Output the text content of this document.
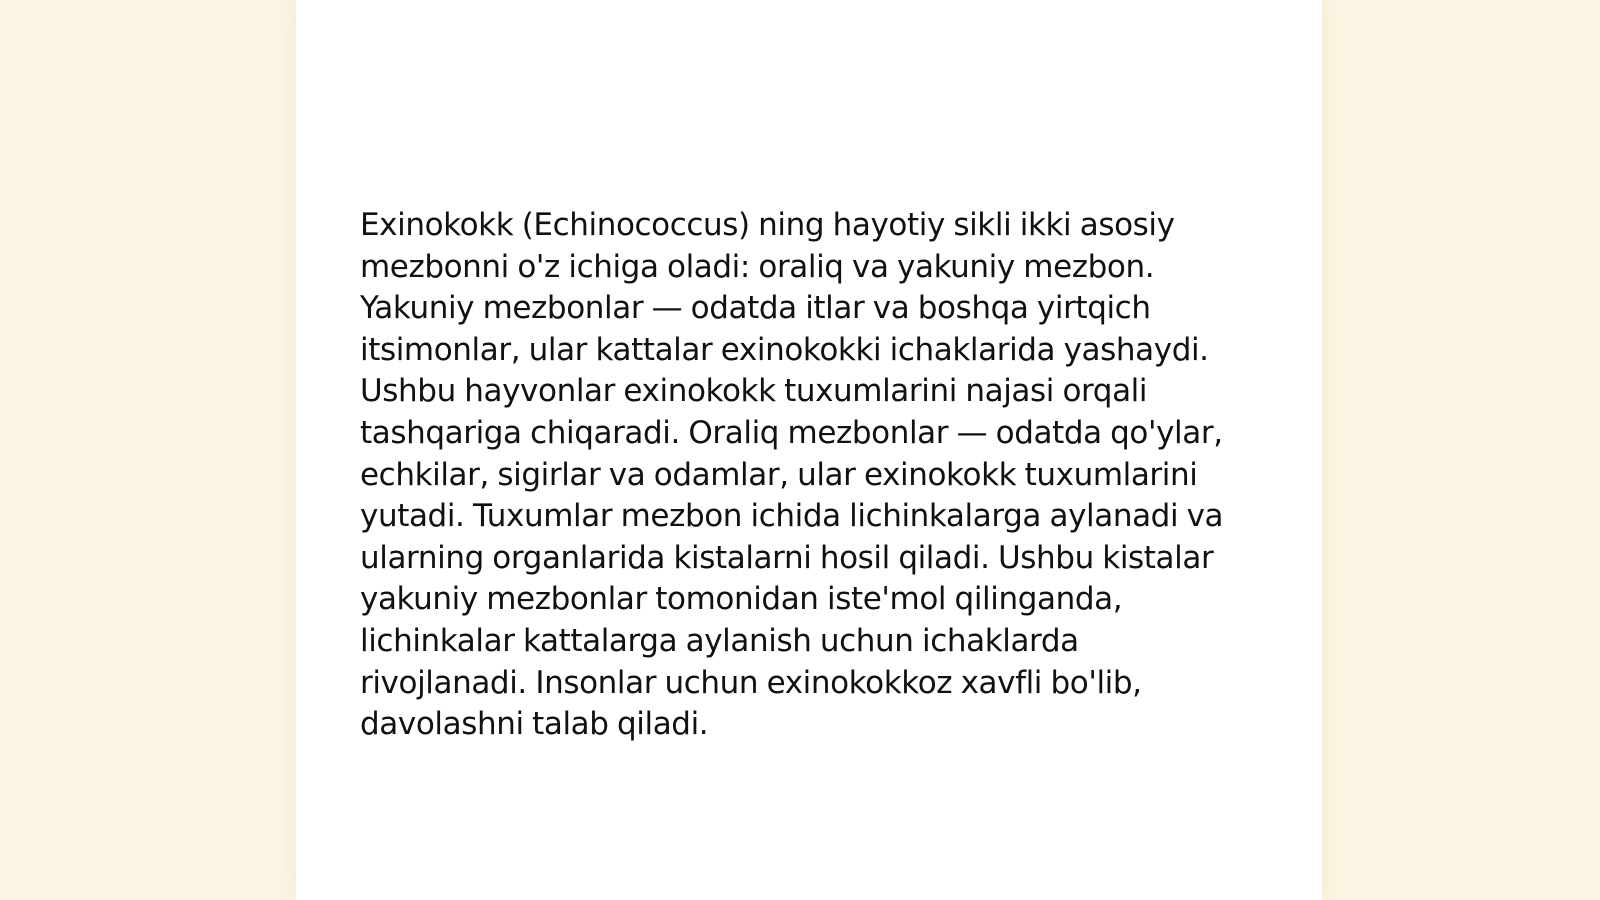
Exinokokk (Echinococcus) ning hayotiy sikli ikki asosiy mezbonni o'z ichiga oladi: oraliq va yakuniy mezbon. Yakuniy mezbonlar — odatda itlar va boshqa yirtqich itsimonlar, ular kattalar exinokokki ichaklarida yashaydi. Ushbu hayvonlar exinokokk tuxumlarini najasi orqali tashqariga chiqaradi. Oraliq mezbonlar — odatda qo'ylar, echkilar, sigirlar va odamlar, ular exinokokk tuxumlarini yutadi. Tuxumlar mezbon ichida lichinkalarga aylanadi va ularning organlarida kistalarni hosil qiladi. Ushbu kistalar yakuniy mezbonlar tomonidan iste'mol qilinganda, lichinkalar kattalarga aylanish uchun ichaklarda rivojlanadi. Insonlar uchun exinokokkoz xavfli bo'lib, davolashni talab qiladi.
